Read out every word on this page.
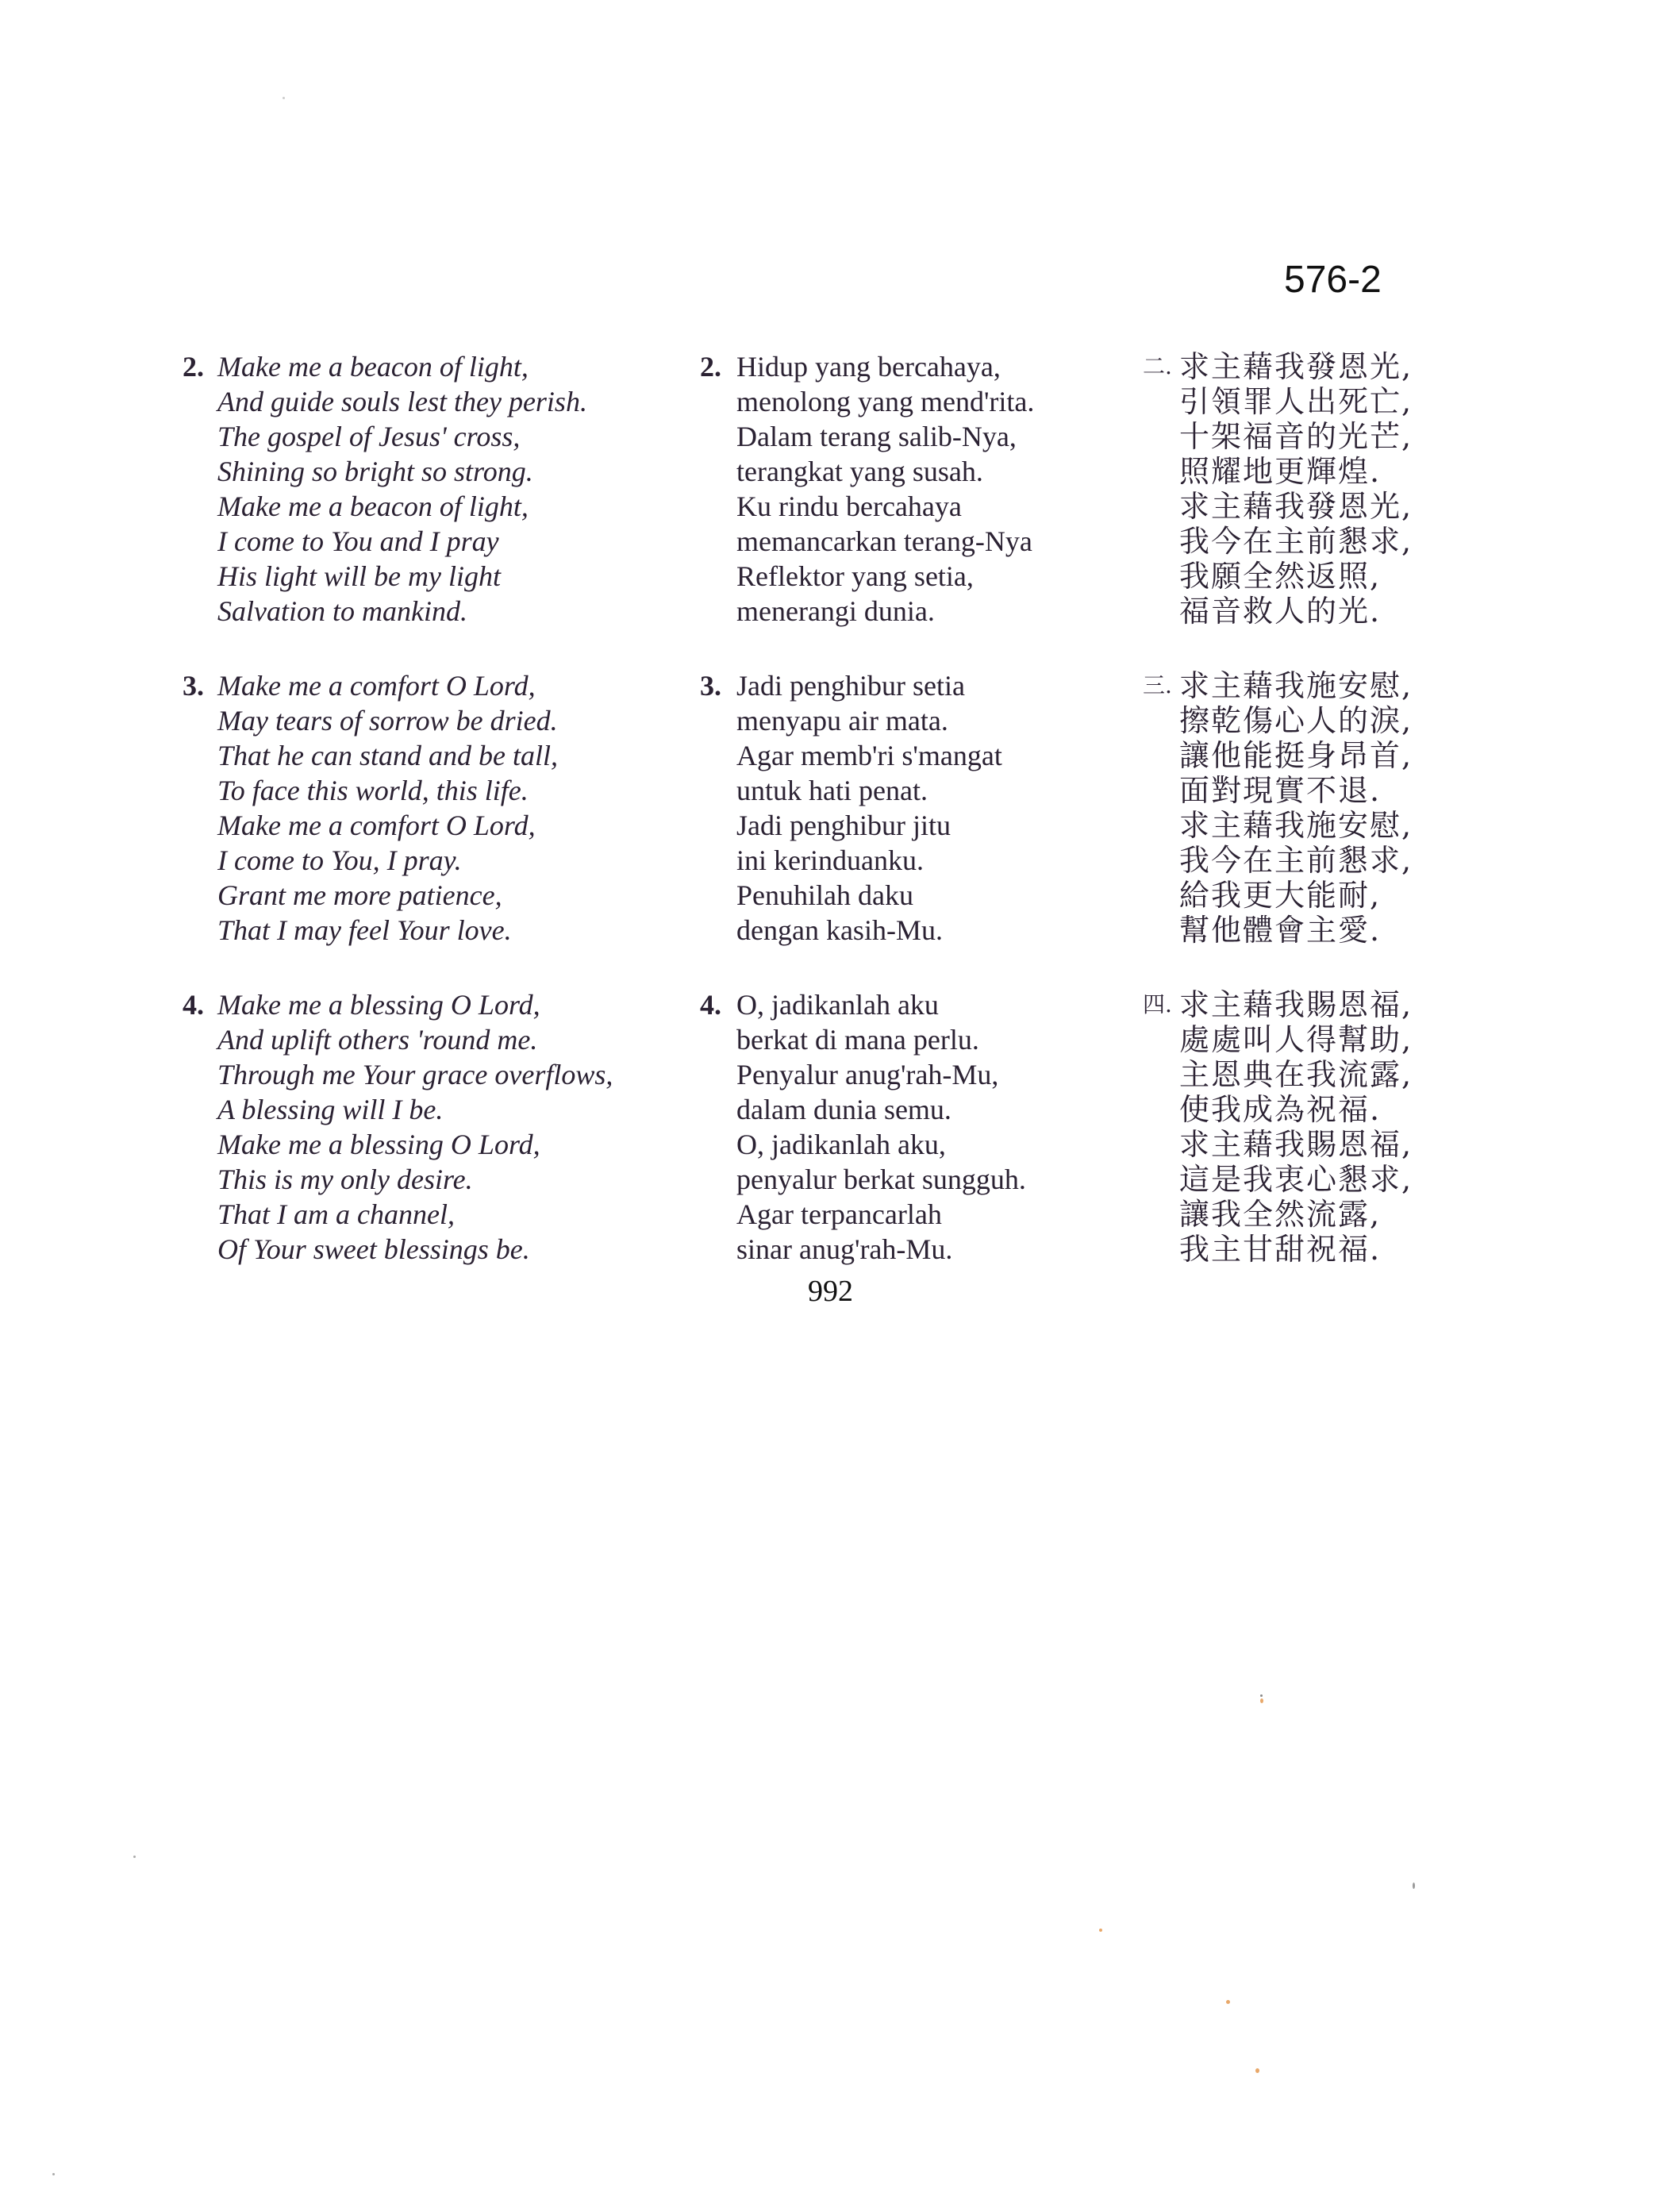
576-2
2. Make me a beacon of light,
And guide souls lest they perish.
The gospel of Jesus' cross,
Shining so bright so strong.
Make me a beacon of light,
I come to You and I pray
His light will be my light
Salvation to mankind.
3. Make me a comfort O Lord,
May tears of sorrow be dried.
That he can stand and be tall,
To face this world, this life.
Make me a comfort O Lord,
I come to You, I pray.
Grant me more patience,
That I may feel Your love.
4. Make me a blessing O Lord,
And uplift others 'round me.
Through me Your grace overflows,
A blessing will I be.
Make me a blessing O Lord,
This is my only desire.
That I am a channel,
Of Your sweet blessings be.
2. Hidup yang bercahaya,
menolong yang mend'rita.
Dalam terang salib-Nya,
terangkat yang susah.
Ku rindu bercahaya
memancarkan terang-Nya
Reflektor yang setia,
menerangi dunia.
3. Jadi penghibur setia
menyapu air mata.
Agar memb'ri s'mangat
untuk hati penat.
Jadi penghibur jitu
ini kerinduanku.
Penuhilah daku
dengan kasih-Mu.
4. O, jadikanlah aku
berkat di mana perlu.
Penyalur anug'rah-Mu,
dalam dunia semu.
O, jadikanlah aku,
penyalur berkat sungguh.
Agar terpancarlah
sinar anug'rah-Mu.
二. 求主藉我發恩光,
引領罪人出死亡,
十架福音的光芒,
照耀地更輝煌.
求主藉我發恩光,
我今在主前懇求,
我願全然返照,
福音救人的光.
三. 求主藉我施安慰,
擦乾傷心人的淚,
讓他能挺身昂首,
面對現實不退.
求主藉我施安慰,
我今在主前懇求,
給我更大能耐,
幫他體會主愛.
四. 求主藉我賜恩福,
處處叫人得幫助,
主恩典在我流露,
使我成為祝福.
求主藉我賜恩福,
這是我衷心懇求,
讓我全然流露,
我主甘甜祝福.
992
